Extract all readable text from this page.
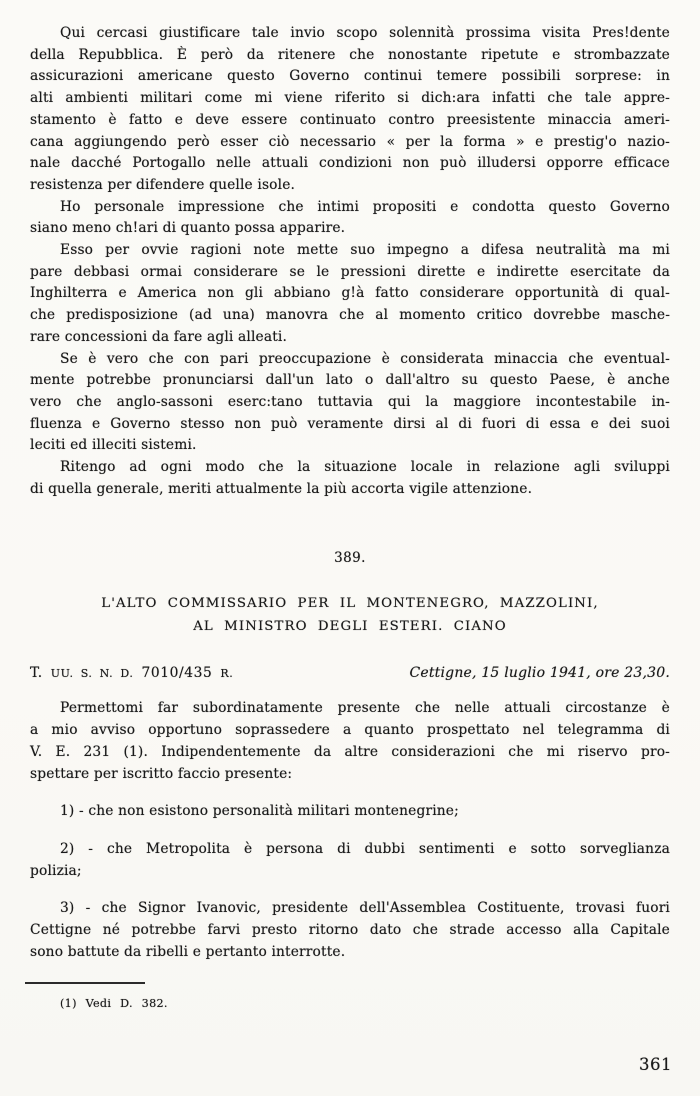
Qui cercasi giustificare tale invio scopo solennità prossima visita Pres!dente
della Repubblica. È però da ritenere che nonostante ripetute e strombazzate
assicurazioni americane questo Governo continui temere possibili sorprese: in
alti ambienti militari come mi viene riferito si dich:ara infatti che tale appre-
stamento è fatto e deve essere continuato contro preesistente minaccia ameri-
cana aggiungendo però esser ciò necessario « per la forma » e prestig'o nazio-
nale dacché Portogallo nelle attuali condizioni non può illudersi opporre efficace
resistenza per difendere quelle isole.
Ho personale impressione che intimi propositi e condotta questo Governo
siano meno ch!ari di quanto possa apparire.
Esso per ovvie ragioni note mette suo impegno a difesa neutralità ma mi
pare debbasi ormai considerare se le pressioni dirette e indirette esercitate da
Inghilterra e America non gli abbiano g!à fatto considerare opportunità di qual-
che predisposizione (ad una) manovra che al momento critico dovrebbe masche-
rare concessioni da fare agli alleati.
Se è vero che con pari preoccupazione è considerata minaccia che eventual-
mente potrebbe pronunciarsi dall'un lato o dall'altro su questo Paese, è anche
vero che anglo-sassoni eserc:tano tuttavia qui la maggiore incontestabile in-
fluenza e Governo stesso non può veramente dirsi al di fuori di essa e dei suoi
leciti ed illeciti sistemi.
Ritengo ad ogni modo che la situazione locale in relazione agli sviluppi
di quella generale, meriti attualmente la più accorta vigile attenzione.
389.
L'ALTO COMMISSARIO PER IL MONTENEGRO, MAZZOLINI,
AL MINISTRO DEGLI ESTERI. CIANO
T. UU. S. N. D. 7010/435 R.	Cettigne, 15 luglio 1941, ore 23,30.
Permettomi far subordinatamente presente che nelle attuali circostanze è
a mio avviso opportuno soprassedere a quanto prospettato nel telegramma di
V. E. 231 (1). Indipendentemente da altre considerazioni che mi riservo pro-
spettare per iscritto faccio presente:
1) - che non esistono personalità militari montenegrine;
2) - che Metropolita è persona di dubbi sentimenti e sotto sorveglianza
polizia;
3) - che Signor Ivanovic, presidente dell'Assemblea Costituente, trovasi fuori
Cettigne né potrebbe farvi presto ritorno dato che strade accesso alla Capitale
sono battute da ribelli e pertanto interrotte.
(1) Vedi D. 382.
361
